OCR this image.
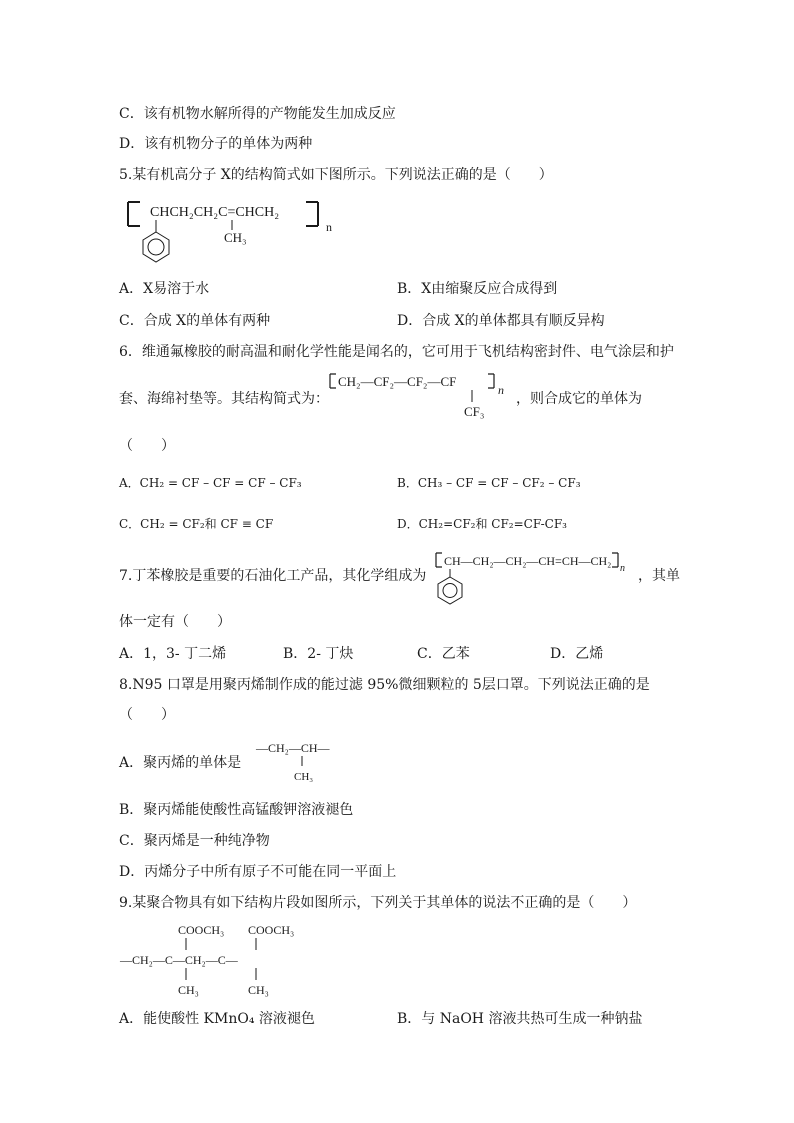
C．该有机物水解所得的产物能发生加成反应
D．该有机物分子的单体为两种
5.某有机高分子 X的结构简式如下图所示。下列说法正确的是（　　）
CHCH₂CH₂C=CHCH₂
n
CH₃
A．X易溶于水	B．X由缩聚反应合成得到
C．合成 X的单体有两种	D．合成 X的单体都具有顺反异构
6．维通氟橡胶的耐高温和耐化学性能是闻名的，它可用于飞机结构密封件、电气涂层和护
套、海绵衬垫等。其结构简式为：
CH₂—CF₂—CF₂—CF
n
CF₃
，则合成它的单体为
（　　）
A．CH₂ = CF – CF = CF – CF₃	B．CH₃ – CF = CF – CF₂ – CF₃
C．CH₂ = CF₂和 CF ≡ CF	D．CH₂=CF₂和 CF₂=CF-CF₃
7.丁苯橡胶是重要的石油化工产品，其化学组成为
CH—CH₂—CH₂—CH=CH—CH₂
n ，其单
体一定有（　　）
A．1，3- 丁二烯	B．2- 丁炔	C．乙苯	D．乙烯
8.N95 口罩是用聚丙烯制作成的能过滤 95%微细颗粒的 5层口罩。下列说法正确的是
（　　）
A．聚丙烯的单体是
—CH₂—CH—
CH₃
B．聚丙烯能使酸性高锰酸钾溶液褪色
C．聚丙烯是一种纯净物
D．丙烯分子中所有原子不可能在同一平面上
9.某聚合物具有如下结构片段如图所示，下列关于其单体的说法不正确的是（　　）
COOCH₃ COOCH₃
—CH₂—C—CH₂—C—
CH₃	CH₃
A．能使酸性 KMnO₄ 溶液褪色	B．与 NaOH 溶液共热可生成一种钠盐
